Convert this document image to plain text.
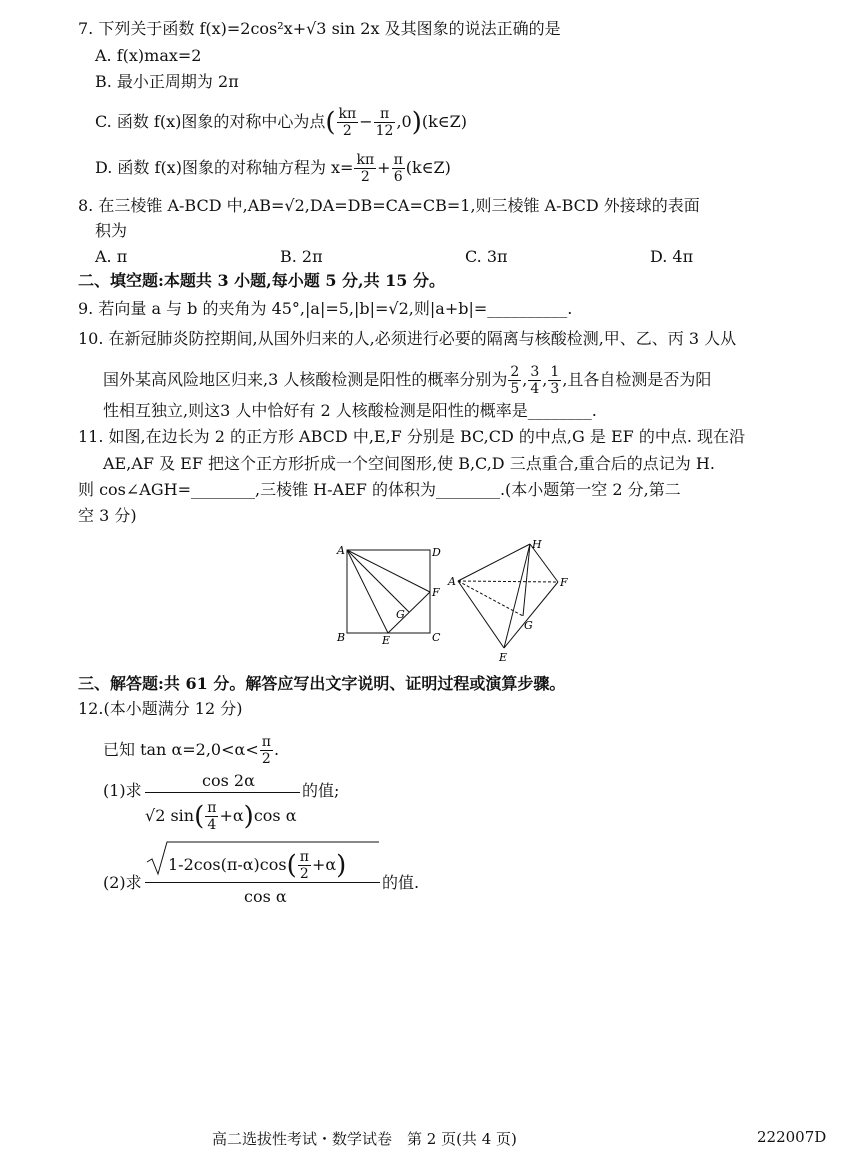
7. 下列关于函数 f(x)=2cos²x+√3 sin 2x 及其图象的说法正确的是
A. f(x)max=2
B. 最小正周期为 2π
C. 函数 f(x)图象的对称中心为点( $\frac{k\pi}{2} - \frac{\pi}{12}$ ,0)(k∈Z)
D. 函数 f(x)图象的对称轴方程为 $x= \frac{k\pi}{2} + \frac{\pi}{6}$ (k∈Z)
8. 在三棱锥 A-BCD 中,AB=√2,DA=DB=CA=CB=1,则三棱锥 A-BCD 外接球的表面
积为
A. π	B. 2π	C. 3π	D. 4π
二、填空题:本题共 3 小题,每小题 5 分,共 15 分。
9. 若向量 a 与 b 的夹角为 45°,|a|=5,|b|=√2,则|a+b|=__________.
10. 在新冠肺炎防控期间,从国外归来的人,必须进行必要的隔离与核酸检测,甲、乙、丙 3 人从
国外某高风险地区归来,3 人核酸检测是阳性的概率分别为 $\frac{2}{5}$ , $\frac{3}{4}$ , $\frac{1}{3}$ ,且各自检测是否为阳
性相互独立,则这3 人中恰好有 2 人核酸检测是阳性的概率是________.
11. 如图,在边长为 2 的正方形 ABCD 中,E,F 分别是 BC,CD 的中点,G 是 EF 的中点. 现在沿
AE,AF 及 EF 把这个正方形折成一个空间图形,使 B,C,D 三点重合,重合后的点记为 H.
则 cos∠AGH=________,三棱锥 H-AEF 的体积为________.(本小题第一空 2 分,第二
空 3 分)
A	D
F
G
B	E	C
H
A	F
G
E
三、解答题:共 61 分。解答应写出文字说明、证明过程或演算步骤。
12.(本小题满分 12 分)
已知 $\tan \alpha=2,0<\alpha< \frac{\pi}{2}$ .
(1)求
cos 2α
√2 $\sin( \frac{\pi}{4} +\alpha)\cos$ α
的值;
(2)求
$1-2\cos(\pi-\alpha)\cos( \frac{\pi}{2} +\alpha)$
cos α
的值.
高二选拔性考试・数学试卷　第 2 页(共 4 页)	222007D
